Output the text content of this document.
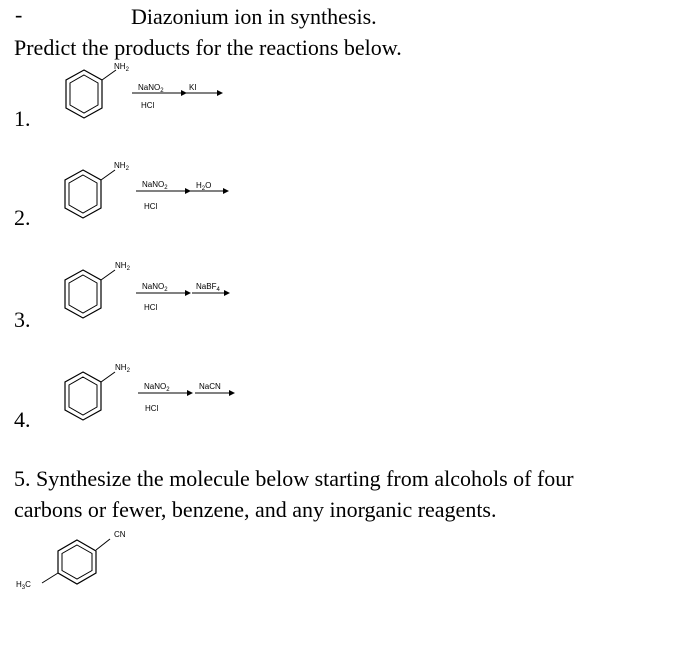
-	Diazonium ion in synthesis.
Predict the products for the reactions below.
1.
$NH_2$
NaNO$_2$
HCl
KI
2.
$NH_2$
NaNO$_2$
HCl
$H_2O$
3.
$NH_2$
NaNO$_2$
HCl
NaBF$_4$
4.
$NH_2$
NaNO$_2$
HCl
NaCN
5. Synthesize the molecule below starting from alcohols of four
carbons or fewer, benzene, and any inorganic reagents.
CN
$H_3C$
